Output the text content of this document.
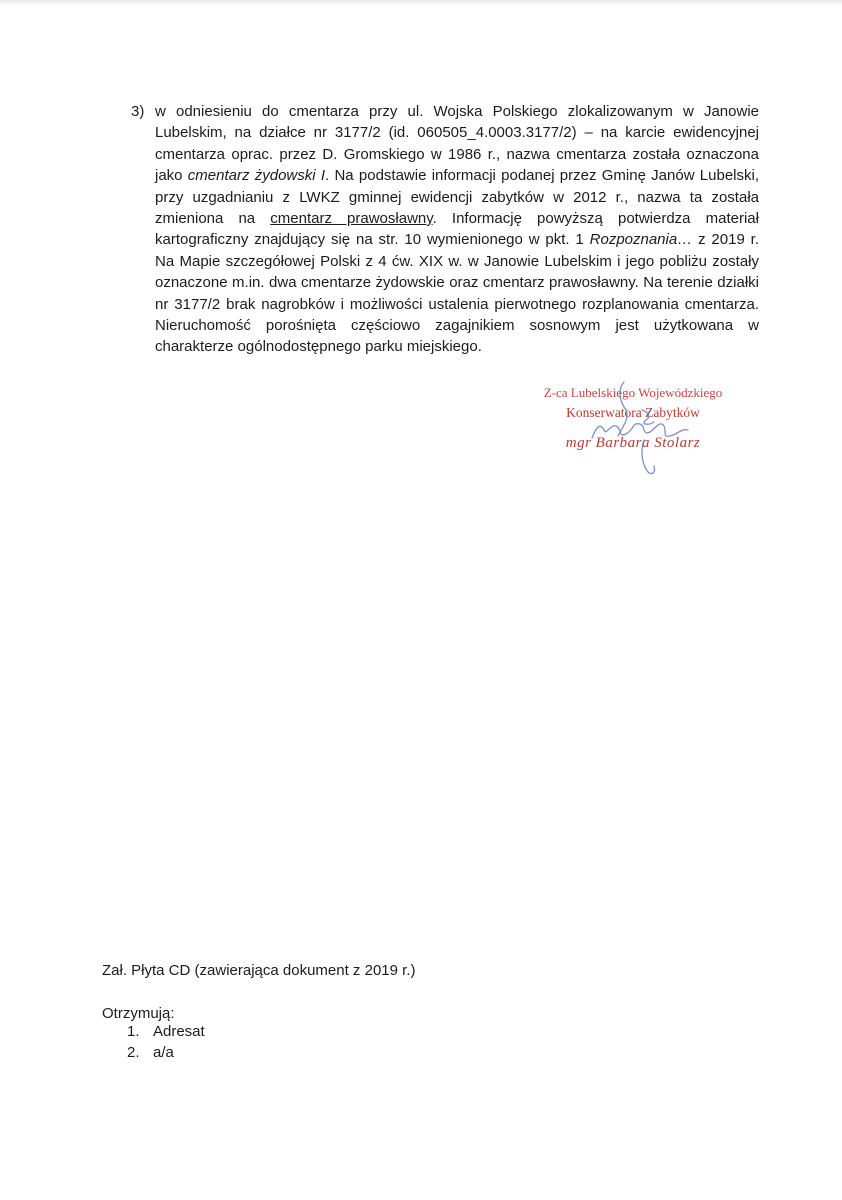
3) w odniesieniu do cmentarza przy ul. Wojska Polskiego zlokalizowanym w Janowie Lubelskim, na działce nr 3177/2 (id. 060505_4.0003.3177/2) – na karcie ewidencyjnej cmentarza oprac. przez D. Gromskiego w 1986 r., nazwa cmentarza została oznaczona jako cmentarz żydowski I. Na podstawie informacji podanej przez Gminę Janów Lubelski, przy uzgadnianiu z LWKZ gminnej ewidencji zabytków w 2012 r., nazwa ta została zmieniona na cmentarz prawosławny. Informację powyższą potwierdza materiał kartograficzny znajdujący się na str. 10 wymienionego w pkt. 1 Rozpoznania… z 2019 r. Na Mapie szczegółowej Polski z 4 ćw. XIX w. w Janowie Lubelskim i jego pobliżu zostały oznaczone m.in. dwa cmentarze żydowskie oraz cmentarz prawosławny. Na terenie działki nr 3177/2 brak nagrobków i możliwości ustalenia pierwotnego rozplanowania cmentarza. Nieruchomość porośnięta częściowo zagajnikiem sosnowym jest użytkowana w charakterze ogólnodostępnego parku miejskiego.
Z-ca Lubelskiego Wojewódzkiego
Konserwatora Zabytków
mgr Barbara Stolarz
Zał. Płyta CD (zawierająca dokument z 2019 r.)
Otrzymują:
1. Adresat
2. a/a
